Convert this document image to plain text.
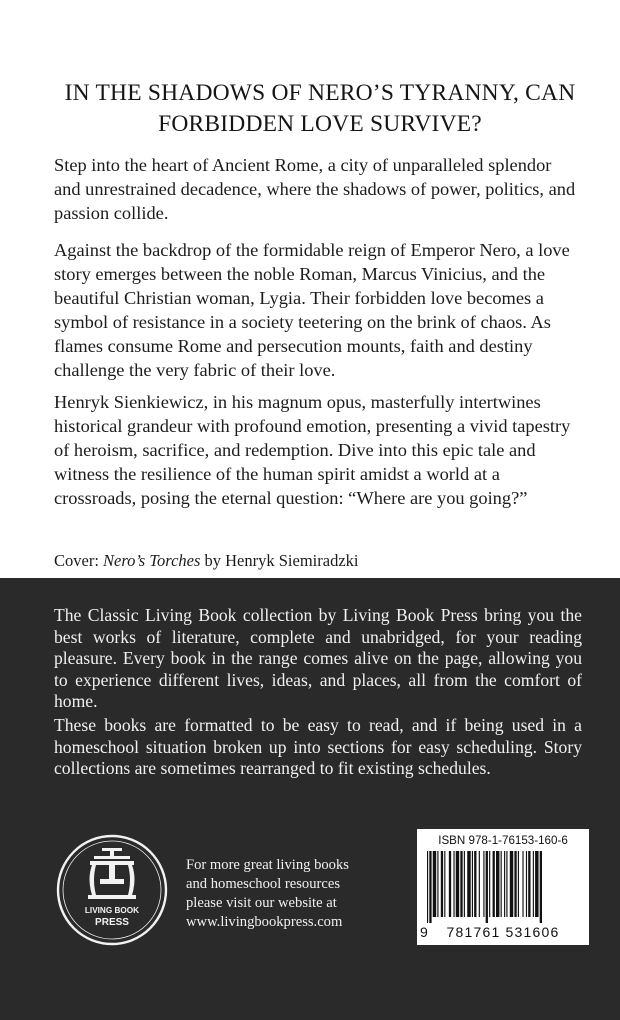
IN THE SHADOWS OF NERO’S TYRANNY, CAN FORBIDDEN LOVE SURVIVE?

Step into the heart of Ancient Rome, a city of unparalleled splendor and unrestrained decadence, where the shadows of power, politics, and passion collide.

Against the backdrop of the formidable reign of Emperor Nero, a love story emerges between the noble Roman, Marcus Vinicius, and the beautiful Christian woman, Lygia. Their forbidden love becomes a symbol of resistance in a society teetering on the brink of chaos. As flames consume Rome and persecution mounts, faith and destiny challenge the very fabric of their love.

Henryk Sienkiewicz, in his magnum opus, masterfully intertwines historical grandeur with profound emotion, presenting a vivid tapestry of heroism, sacrifice, and redemption. Dive into this epic tale and witness the resilience of the human spirit amidst a world at a crossroads, posing the eternal question: “Where are you going?”

Cover: Nero’s Torches by Henryk Siemiradzki

The Classic Living Book collection by Living Book Press bring you the best works of literature, complete and unabridged, for your reading pleasure. Every book in the range comes alive on the page, allowing you to experience different lives, ideas, and places, all from the comfort of home.

These books are formatted to be easy to read, and if being used in a homeschool situation broken up into sections for easy scheduling. Story collections are sometimes rearranged to fit existing schedules.

LIVING BOOK
PRESS
For more great living books
and homeschool resources
please visit our website at
www.livingbookpress.com
ISBN 978-1-76153-160-6
9	781761 531606
